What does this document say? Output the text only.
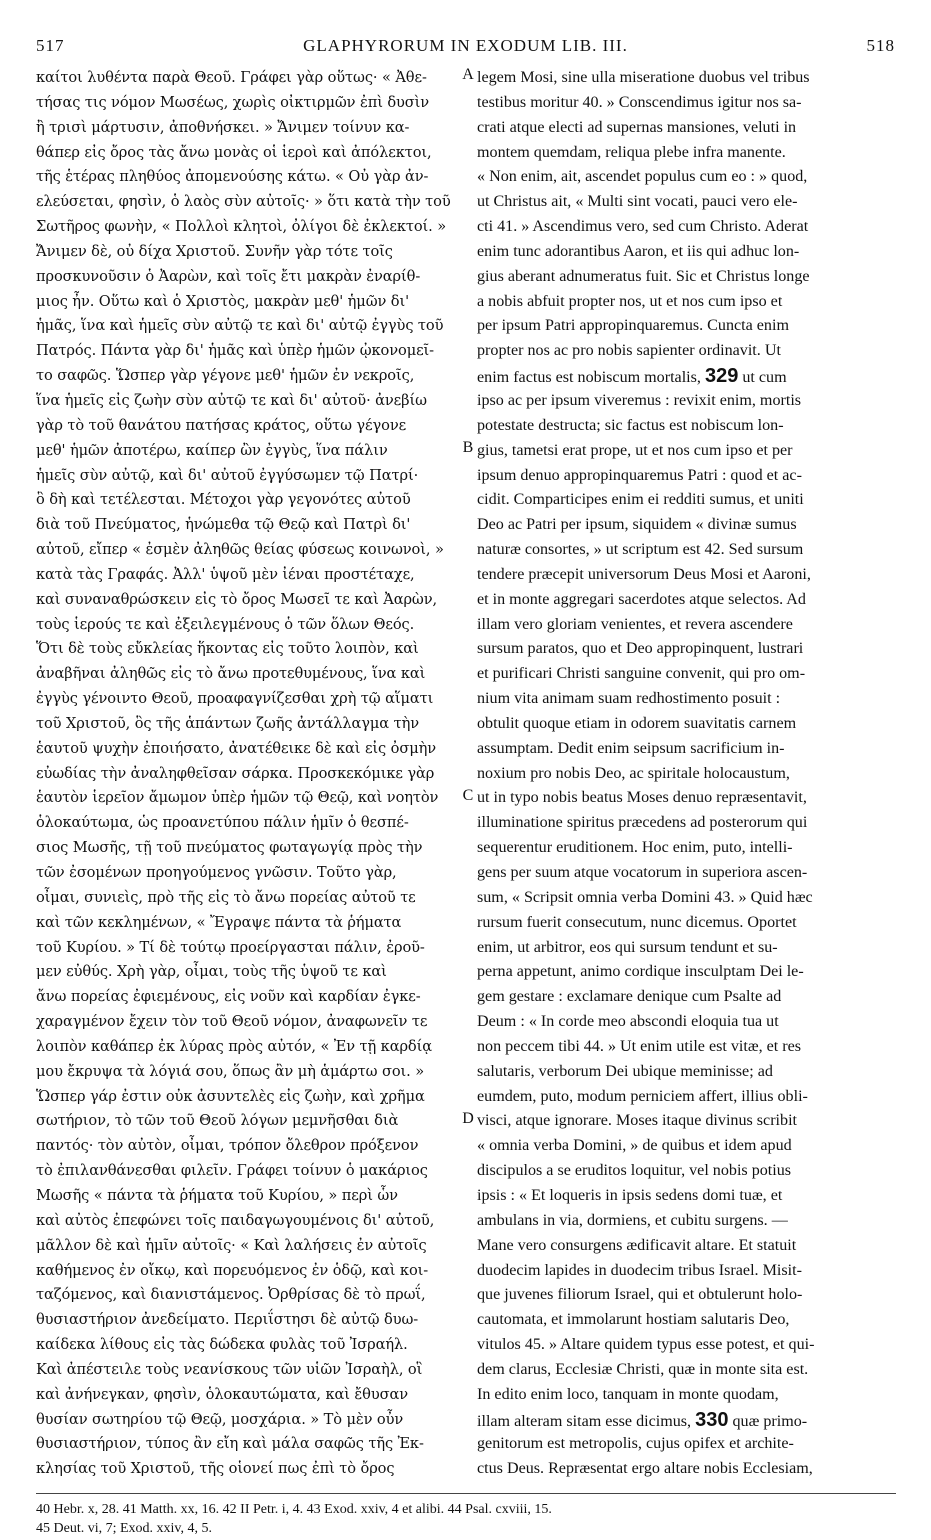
517	GLAPHYRORUM IN EXODUM LIB. III.	518
καίτοι λυθέντα παρὰ Θεοῦ. Γράφει γὰρ οὕτως· « Ἀθε-
τήσας τις νόμον Μωσέως, χωρὶς οἰκτιρμῶν ἐπὶ δυσὶν
ἢ τρισὶ μάρτυσιν, ἀποθνήσκει. » Ἄνιμεν τοίνυν κα-
θάπερ εἰς ὄρος τὰς ἄνω μονὰς οἱ ἱεροὶ καὶ ἀπόλεκτοι,
τῆς ἑτέρας πληθύος ἀπομενούσης κάτω. « Οὐ γὰρ ἀν-
ελεύσεται, φησὶν, ὁ λαὸς σὺν αὐτοῖς· » ὅτι κατὰ τὴν τοῦ
Σωτῆρος φωνὴν, « Πολλοὶ κλητοὶ, ὀλίγοι δὲ ἐκλεκτοί. »
Ἄνιμεν δὲ, οὐ δίχα Χριστοῦ. Συνῆν γὰρ τότε τοῖς
προσκυνοῦσιν ὁ Ἀαρὼν, καὶ τοῖς ἔτι μακρὰν ἐναρίθ-
μιος ἦν. Οὕτω καὶ ὁ Χριστὸς, μακρὰν μεθ' ἡμῶν δι'
ἡμᾶς, ἵνα καὶ ἡμεῖς σὺν αὐτῷ τε καὶ δι' αὐτῷ ἐγγὺς τοῦ
Πατρός. Πάντα γὰρ δι' ἡμᾶς καὶ ὑπὲρ ἡμῶν ᾠκονομεῖ-
το σαφῶς. Ὥσπερ γὰρ γέγονε μεθ' ἡμῶν ἐν νεκροῖς,
ἵνα ἡμεῖς εἰς ζωὴν σὺν αὐτῷ τε καὶ δι' αὐτοῦ· ἀνεβίω
γὰρ τὸ τοῦ θανάτου πατήσας κράτος, οὕτω γέγονε
μεθ' ἡμῶν ἀποτέρω, καίπερ ὢν ἐγγὺς, ἵνα πάλιν
ἡμεῖς σὺν αὐτῷ, καὶ δι' αὐτοῦ ἐγγύσωμεν τῷ Πατρί·
ὃ δὴ καὶ τετέλεσται. Μέτοχοι γὰρ γεγονότες αὐτοῦ
διὰ τοῦ Πνεύματος, ἡνώμεθα τῷ Θεῷ καὶ Πατρὶ δι'
αὐτοῦ, εἴπερ « ἐσμὲν ἀληθῶς θείας φύσεως κοινωνοὶ, »
κατὰ τὰς Γραφάς. Ἀλλ' ὑψοῦ μὲν ἰέναι προστέταχε,
καὶ συναναθρώσκειν εἰς τὸ ὄρος Μωσεῖ τε καὶ Ἀαρὼν,
τοὺς ἱερούς τε καὶ ἐξειλεγμένους ὁ τῶν ὅλων Θεός.
Ὅτι δὲ τοὺς εὔκλείας ἥκοντας εἰς τοῦτο λοιπὸν, καὶ
ἀναβῆναι ἀληθῶς εἰς τὸ ἄνω προτεθυμένους, ἵνα καὶ
ἐγγὺς γένοιντο Θεοῦ, προαφαγνίζεσθαι χρὴ τῷ αἵματι
τοῦ Χριστοῦ, ὃς τῆς ἁπάντων ζωῆς ἀντάλλαγμα τὴν
ἑαυτοῦ ψυχὴν ἐποιήσατο, ἀνατέθεικε δὲ καὶ εἰς ὀσμὴν
εὐωδίας τὴν ἀναληφθεῖσαν σάρκα. Προσκεκόμικε γὰρ
ἑαυτὸν ἱερεῖον ἄμωμον ὑπὲρ ἡμῶν τῷ Θεῷ, καὶ νοητὸν
ὁλοκαύτωμα, ὡς προανετύπου πάλιν ἡμῖν ὁ θεσπέ-
σιος Μωσῆς, τῇ τοῦ πνεύματος φωταγωγίᾳ πρὸς τὴν
τῶν ἐσομένων προηγούμενος γνῶσιν. Τοῦτο γὰρ,
οἶμαι, συνιεὶς, πρὸ τῆς εἰς τὸ ἄνω πορείας αὐτοῦ τε
καὶ τῶν κεκλημένων, « Ἔγραψε πάντα τὰ ῥήματα
τοῦ Κυρίου. » Τί δὲ τούτῳ προείργασται πάλιν, ἐροῦ-
μεν εὐθύς. Χρὴ γὰρ, οἶμαι, τοὺς τῆς ὑψοῦ τε καὶ
ἄνω πορείας ἐφιεμένους, εἰς νοῦν καὶ καρδίαν ἐγκε-
χαραγμένον ἔχειν τὸν τοῦ Θεοῦ νόμον, ἀναφωνεῖν τε
λοιπὸν καθάπερ ἐκ λύρας πρὸς αὐτόν, « Ἐν τῇ καρδίᾳ
μου ἔκρυψα τὰ λόγιά σου, ὅπως ἂν μὴ ἁμάρτω σοι. »
Ὥσπερ γάρ ἐστιν οὐκ ἀσυντελὲς εἰς ζωὴν, καὶ χρῆμα
σωτήριον, τὸ τῶν τοῦ Θεοῦ λόγων μεμνῆσθαι διὰ
παντός· τὸν αὐτὸν, οἶμαι, τρόπον ὄλεθρον πρόξενον
τὸ ἐπιλανθάνεσθαι φιλεῖν. Γράφει τοίνυν ὁ μακάριος
Μωσῆς « πάντα τὰ ῥήματα τοῦ Κυρίου, » περὶ ὧν
καὶ αὐτὸς ἐπεφώνει τοῖς παιδαγωγουμένοις δι' αὐτοῦ,
μᾶλλον δὲ καὶ ἡμῖν αὐτοῖς· « Καὶ λαλήσεις ἐν αὐτοῖς
καθήμενος ἐν οἴκῳ, καὶ πορευόμενος ἐν ὁδῷ, καὶ κοι-
ταζόμενος, καὶ διανιστάμενος. Ὀρθρίσας δὲ τὸ πρωΐ,
θυσιαστήριον ἀνεδείματο. Περιΐστησι δὲ αὐτῷ δυω-
καίδεκα λίθους εἰς τὰς δώδεκα φυλὰς τοῦ Ἰσραήλ.
Καὶ ἀπέστειλε τοὺς νεανίσκους τῶν υἱῶν Ἰσραὴλ, οἳ
καὶ ἀνήνεγκαν, φησὶν, ὁλοκαυτώματα, καὶ ἔθυσαν
θυσίαν σωτηρίου τῷ Θεῷ, μοσχάρια. » Τὸ μὲν οὖν
θυσιαστήριον, τύπος ἂν εἴη καὶ μάλα σαφῶς τῆς Ἐκ-
κλησίας τοῦ Χριστοῦ, τῆς οἱονεί πως ἐπὶ τὸ ὄρος
legem Mosi, sine ulla miseratione duobus vel tribus
testibus moritur 40. » Conscendimus igitur nos sa-
crati atque electi ad supernas mansiones, veluti in
montem quemdam, reliqua plebe infra manente.
« Non enim, ait, ascendet populus cum eo : » quod,
ut Christus ait, « Multi sint vocati, pauci vero ele-
cti 41. » Ascendimus vero, sed cum Christo. Aderat
enim tunc adorantibus Aaron, et iis qui adhuc lon-
gius aberant adnumeratus fuit. Sic et Christus longe
a nobis abfuit propter nos, ut et nos cum ipso et
per ipsum Patri appropinquaremus. Cuncta enim
propter nos ac pro nobis sapienter ordinavit. Ut
enim factus est nobiscum mortalis, 329 ut cum
ipso ac per ipsum viveremus : revixit enim, mortis
potestate destructa; sic factus est nobiscum lon-
gius, tametsi erat prope, ut et nos cum ipso et per
ipsum denuo appropinquaremus Patri : quod et ac-
cidit. Comparticipes enim ei redditi sumus, et uniti
Deo ac Patri per ipsum, siquidem « divinæ sumus
naturæ consortes, » ut scriptum est 42. Sed sursum
tendere præcepit universorum Deus Mosi et Aaroni,
et in monte aggregari sacerdotes atque selectos. Ad
illam vero gloriam venientes, et revera ascendere
sursum paratos, quo et Deo appropinquent, lustrari
et purificari Christi sanguine convenit, qui pro om-
nium vita animam suam redhostimento posuit :
obtulit quoque etiam in odorem suavitatis carnem
assumptam. Dedit enim seipsum sacrificium in-
noxium pro nobis Deo, ac spiritale holocaustum,
ut in typo nobis beatus Moses denuo repræsentavit,
illuminatione spiritus præcedens ad posterorum qui
sequerentur eruditionem. Hoc enim, puto, intelli-
gens per suum atque vocatorum in superiora ascen-
sum, « Scripsit omnia verba Domini 43. » Quid hæc
rursum fuerit consecutum, nunc dicemus. Oportet
enim, ut arbitror, eos qui sursum tendunt et su-
perna appetunt, animo cordique insculptam Dei le-
gem gestare : exclamare denique cum Psalte ad
Deum : « In corde meo abscondi eloquia tua ut
non peccem tibi 44. » Ut enim utile est vitæ, et res
salutaris, verborum Dei ubique meminisse; ad
eumdem, puto, modum perniciem affert, illius obli-
visci, atque ignorare. Moses itaque divinus scribit
« omnia verba Domini, » de quibus et idem apud
discipulos a se eruditos loquitur, vel nobis potius
ipsis : « Et loqueris in ipsis sedens domi tuæ, et
ambulans in via, dormiens, et cubitu surgens. —
Mane vero consurgens ædificavit altare. Et statuit
duodecim lapides in duodecim tribus Israel. Misit-
que juvenes filiorum Israel, qui et obtulerunt holo-
cautomata, et immolarunt hostiam salutaris Deo,
vitulos 45. » Altare quidem typus esse potest, et qui-
dem clarus, Ecclesiæ Christi, quæ in monte sita est.
In edito enim loco, tanquam in monte quodam,
illam alteram sitam esse dicimus, 330 quæ primo-
genitorum est metropolis, cujus opifex et archite-
ctus Deus. Repræsentat ergo altare nobis Ecclesiam,
A
B
C
D
40 Hebr. x, 28. 41 Matth. xx, 16. 42 II Petr. i, 4. 43 Exod. xxiv, 4 et alibi. 44 Psal. cxviii, 15.
45 Deut. vi, 7; Exod. xxiv, 4, 5.
